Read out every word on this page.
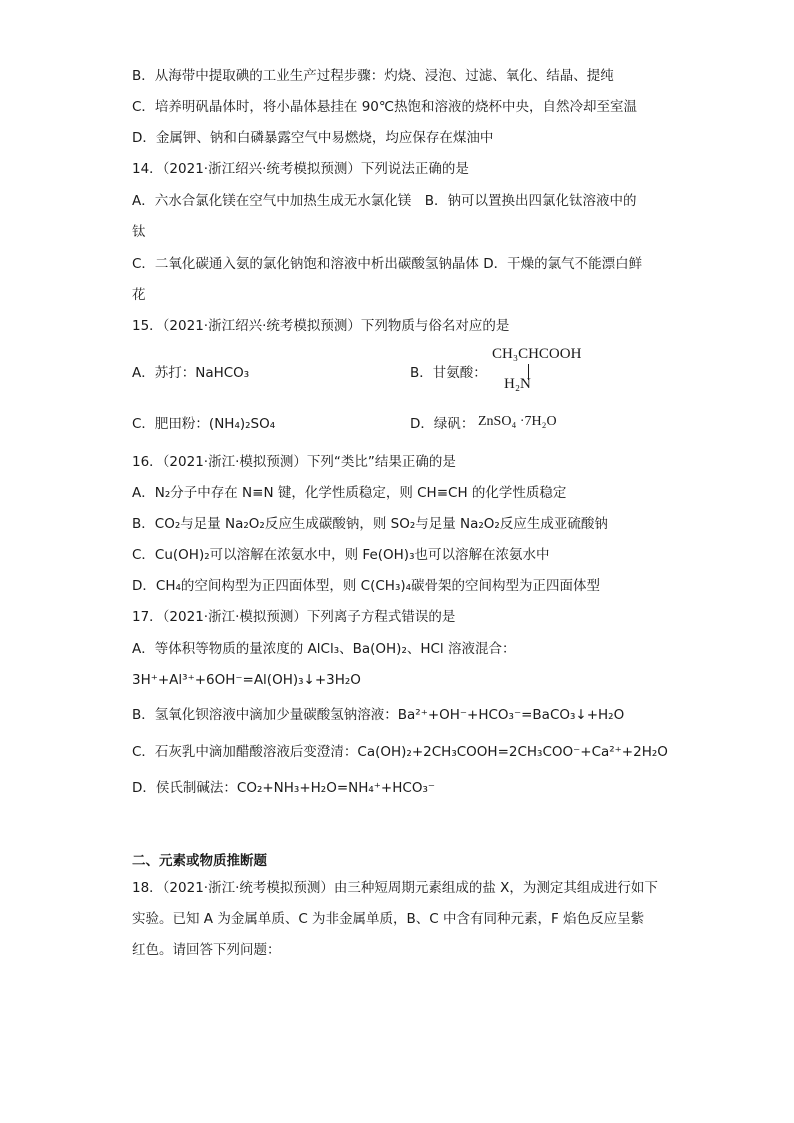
B．从海带中提取碘的工业生产过程步骤：灼烧、浸泡、过滤、氧化、结晶、提纯
C．培养明矾晶体时，将小晶体悬挂在 90℃热饱和溶液的烧杯中央，自然冷却至室温
D．金属钾、钠和白磷暴露空气中易燃烧，均应保存在煤油中
14．（2021·浙江绍兴·统考模拟预测）下列说法正确的是
A．六水合氯化镁在空气中加热生成无水氯化镁　B．钠可以置换出四氯化钛溶液中的
钛
C．二氧化碳通入氨的氯化钠饱和溶液中析出碳酸氢钠晶体 D．干燥的氯气不能漂白鲜
花
15．（2021·浙江绍兴·统考模拟预测）下列物质与俗名对应的是
A．苏打：NaHCO₃	B．甘氨酸：
CH₃CHCOOH
H₂N
C．肥田粉：(NH₄)₂SO₄	D．绿矾： ZnSO₄ ·7H₂O
16．（2021·浙江·模拟预测）下列“类比”结果正确的是
A．N₂分子中存在 N≡N 键，化学性质稳定，则 CH≡CH 的化学性质稳定
B．CO₂与足量 Na₂O₂反应生成碳酸钠，则 SO₂与足量 Na₂O₂反应生成亚硫酸钠
C．Cu(OH)₂可以溶解在浓氨水中，则 Fe(OH)₃也可以溶解在浓氨水中
D．CH₄的空间构型为正四面体型，则 C(CH₃)₄碳骨架的空间构型为正四面体型
17．（2021·浙江·模拟预测）下列离子方程式错误的是
A．等体积等物质的量浓度的 AlCl₃、Ba(OH)₂、HCl 溶液混合：
3H⁺+Al³⁺+6OH⁻=Al(OH)₃↓+3H₂O
B．氢氧化钡溶液中滴加少量碳酸氢钠溶液：Ba²⁺+OH⁻+HCO₃⁻=BaCO₃↓+H₂O
C．石灰乳中滴加醋酸溶液后变澄清：Ca(OH)₂+2CH₃COOH=2CH₃COO⁻+Ca²⁺+2H₂O
D．侯氏制碱法：CO₂+NH₃+H₂O=NH₄⁺+HCO₃⁻
二、元素或物质推断题
18．（2021·浙江·统考模拟预测）由三种短周期元素组成的盐 X，为测定其组成进行如下
实验。已知 A 为金属单质、C 为非金属单质，B、C 中含有同种元素，F 焰色反应呈紫
红色。请回答下列问题：
